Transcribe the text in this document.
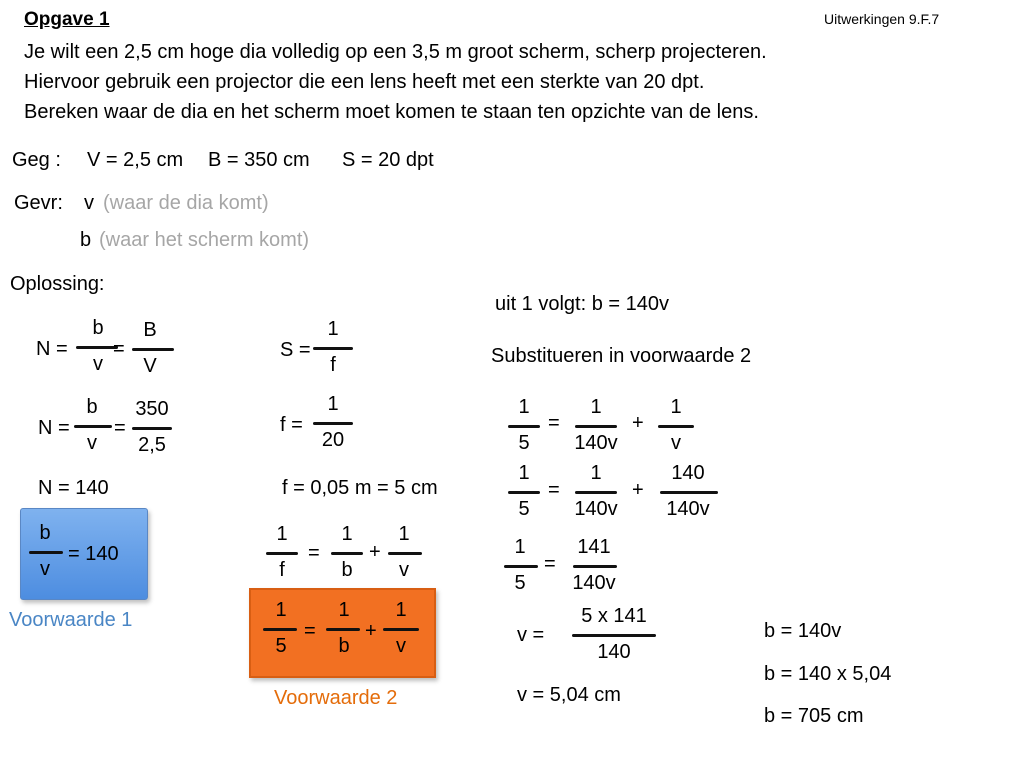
Opgave 1	Uitwerkingen 9.F.7
Je wilt een 2,5 cm hoge dia volledig op een 3,5 m groot scherm, scherp projecteren.
Hiervoor gebruik een projector die een lens heeft met een sterkte van 20 dpt.
Bereken waar de dia en het scherm moet komen te staan ten opzichte van de lens.
Geg : V = 2,5 cm B = 350 cm S = 20 dpt
Gevr: v (waar de dia komt)
b (waar het scherm komt)
Oplossing:
N =
b
v
=
B
V
N =
b
v
=
350
2,5
N = 140
b
v
= 140
Voorwaarde 1
S =
1
f
f =
1
20
f = 0,05 m = 5 cm
1
f
=
1
b
+
1
v
1
5
=
1
b
+
1
v
Voorwaarde 2
uit 1 volgt: b = 140v
Substitueren in voorwaarde 2
1
5
=
1
140v
+
1
v
1
5
=
1
140v
+
140
140v
1
5
=
141
140v
v =
5 x 141
140
v = 5,04 cm
b = 140v
b = 140 x 5,04
b = 705 cm
